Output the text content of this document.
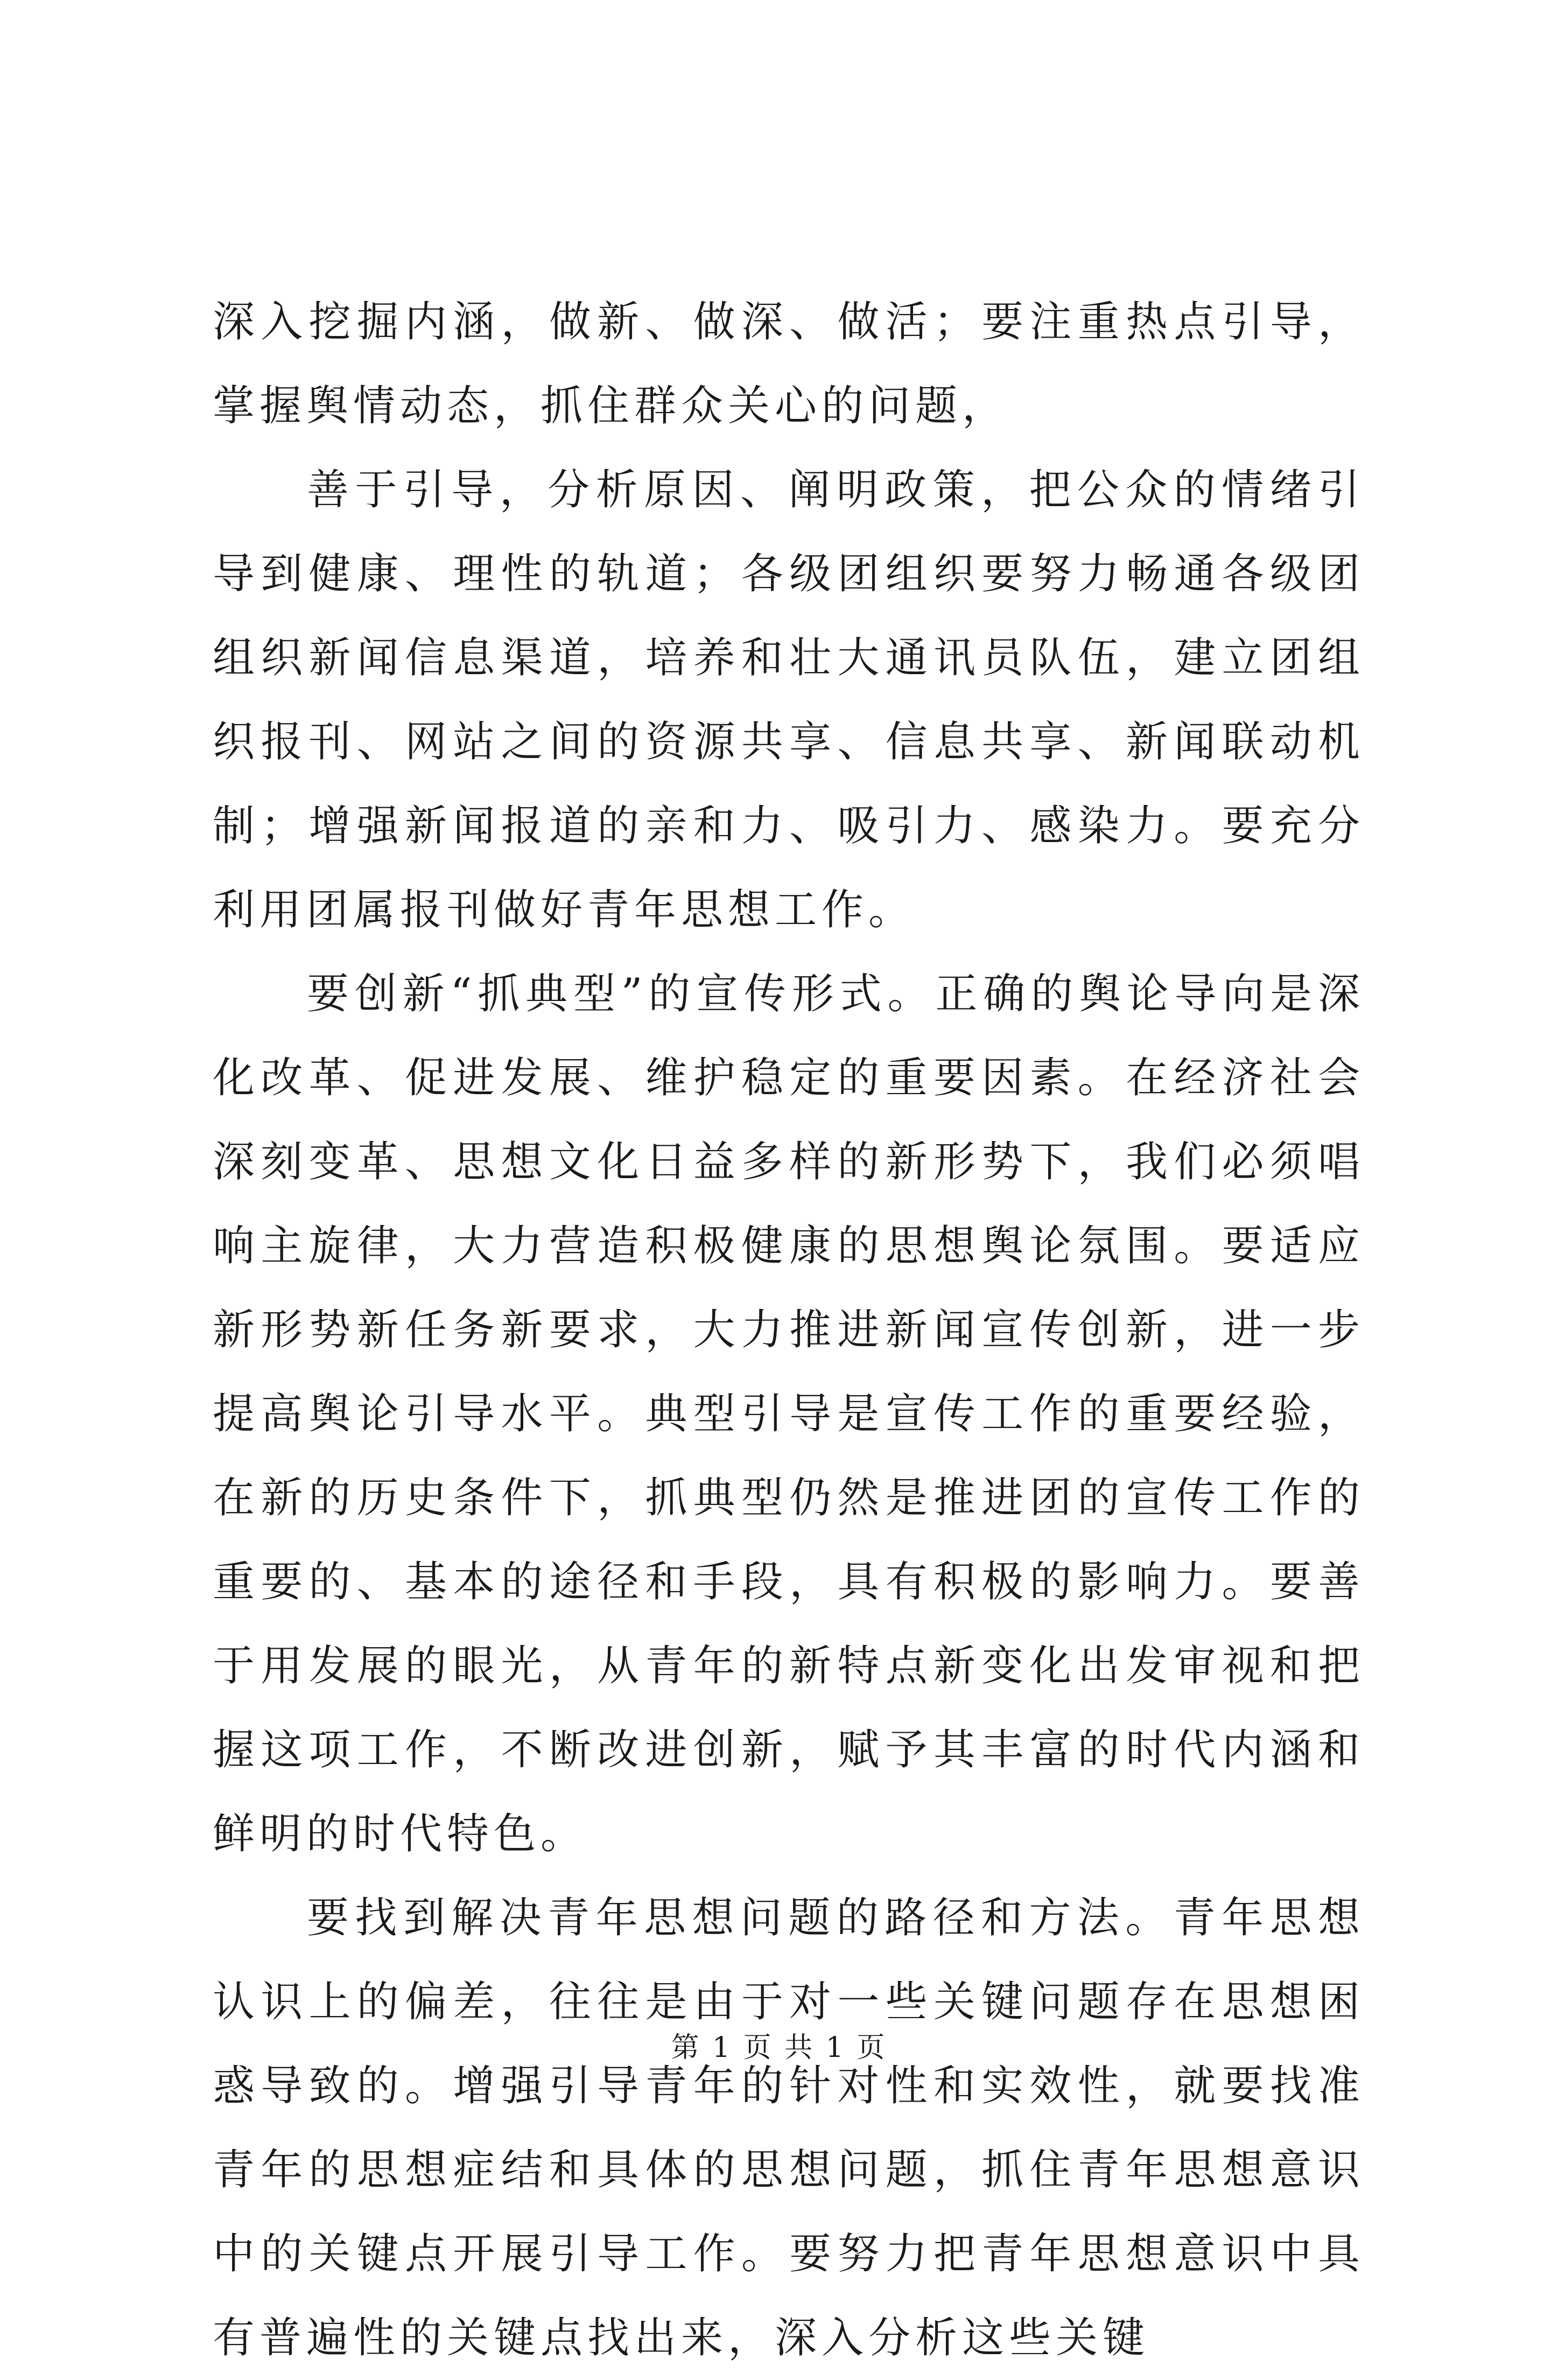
深入挖掘内涵，做新、做深、做活；要注重热点引导，掌握舆情动态，抓住群众关心的问题，

善于引导，分析原因、阐明政策，把公众的情绪引导到健康、理性的轨道；各级团组织要努力畅通各级团组织新闻信息渠道，培养和壮大通讯员队伍，建立团组织报刊、网站之间的资源共享、信息共享、新闻联动机制；增强新闻报道的亲和力、吸引力、感染力。要充分利用团属报刊做好青年思想工作。

要创新“抓典型”的宣传形式。正确的舆论导向是深化改革、促进发展、维护稳定的重要因素。在经济社会深刻变革、思想文化日益多样的新形势下，我们必须唱响主旋律，大力营造积极健康的思想舆论氛围。要适应新形势新任务新要求，大力推进新闻宣传创新，进一步提高舆论引导水平。典型引导是宣传工作的重要经验，在新的历史条件下，抓典型仍然是推进团的宣传工作的重要的、基本的途径和手段，具有积极的影响力。要善于用发展的眼光，从青年的新特点新变化出发审视和把握这项工作，不断改进创新，赋予其丰富的时代内涵和鲜明的时代特色。

要找到解决青年思想问题的路径和方法。青年思想认识上的偏差，往往是由于对一些关键问题存在思想困惑导致的。增强引导青年的针对性和实效性，就要找准青年的思想症结和具体的思想问题，抓住青年思想意识中的关键点开展引导工作。要努力把青年思想意识中具有普遍性的关键点找出来，深入分析这些关键

第 1 页 共 1 页
